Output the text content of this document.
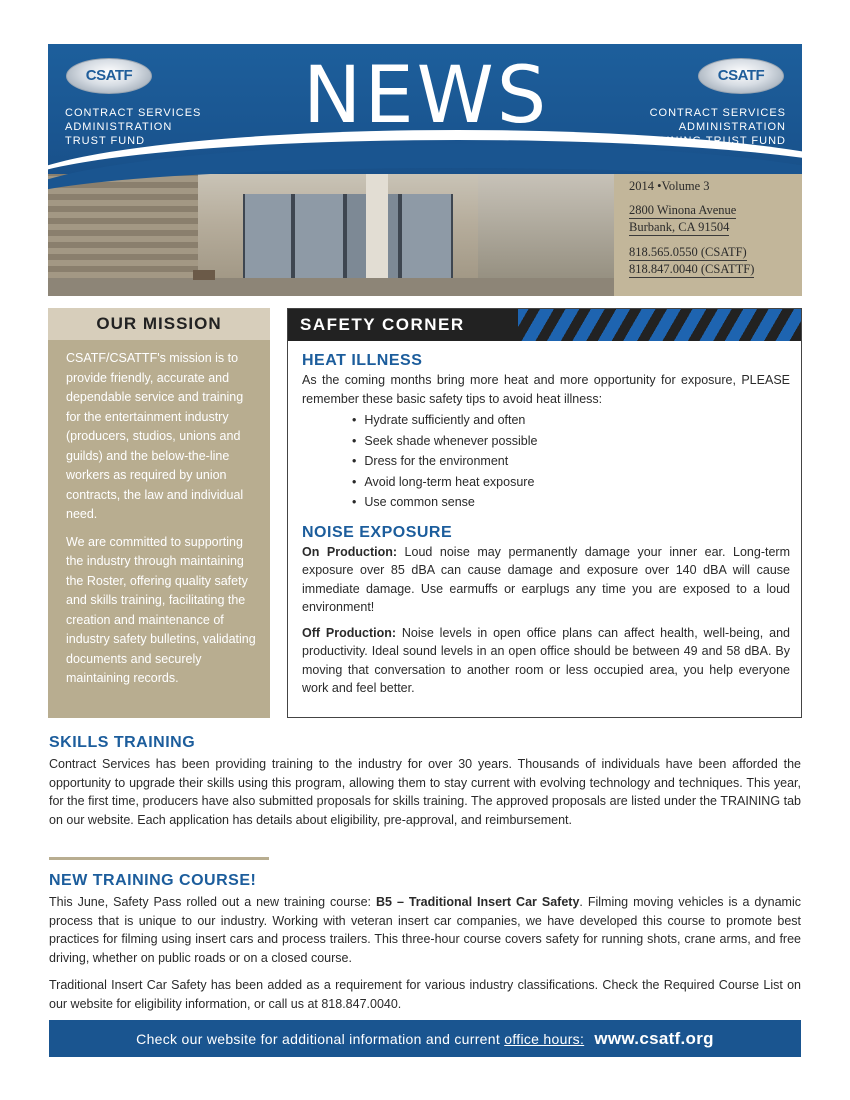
CSATF	CSATF
CONTRACT SERVICES
ADMINISTRATION
TRUST FUND
CONTRACT SERVICES
ADMINISTRATION
TRAINING TRUST FUND
NEWS
2014 •Volume 3
2800 Winona Avenue
Burbank, CA 91504
818.565.0550 (CSATF)
818.847.0040 (CSATTF)
OUR MISSION

CSATF/CSATTF's mission is to provide friendly, accurate and dependable service and training for the entertainment industry (producers, studios, unions and guilds) and the below-the-line workers as required by union contracts, the law and individual need.

We are committed to supporting the industry through maintaining the Roster, offering quality safety and skills training, facilitating the creation and maintenance of industry safety bulletins, validating documents and securely maintaining records.

SAFETY CORNER
HEAT ILLNESS
As the coming months bring more heat and more opportunity for exposure, PLEASE remember these basic safety tips to avoid heat illness:
• Hydrate sufficiently and often
• Seek shade whenever possible
• Dress for the environment
• Avoid long-term heat exposure
• Use common sense
NOISE EXPOSURE
On Production: Loud noise may permanently damage your inner ear. Long-term exposure over 85 dBA can cause damage and exposure over 140 dBA will cause immediate damage. Use earmuffs or earplugs any time you are exposed to a loud environment!
Off Production: Noise levels in open office plans can affect health, well-being, and productivity. Ideal sound levels in an open office should be between 49 and 58 dBA. By moving that conversation to another room or less occupied area, you help everyone work and feel better.
SKILLS TRAINING
Contract Services has been providing training to the industry for over 30 years. Thousands of individuals have been afforded the opportunity to upgrade their skills using this program, allowing them to stay current with evolving technology and techniques. This year, for the first time, producers have also submitted proposals for skills training. The approved proposals are listed under the TRAINING tab on our website. Each application has details about eligibility, pre-approval, and reimbursement.
NEW TRAINING COURSE!
This June, Safety Pass rolled out a new training course: B5 – Traditional Insert Car Safety. Filming moving vehicles is a dynamic process that is unique to our industry. Working with veteran insert car companies, we have developed this course to promote best practices for filming using insert cars and process trailers. This three-hour course covers safety for running shots, crane arms, and free driving, whether on public roads or on a closed course.
Traditional Insert Car Safety has been added as a requirement for various industry classifications. Check the Required Course List on our website for eligibility information, or call us at 818.847.0040.
Check our website for additional information and current office hours: www.csatf.org
